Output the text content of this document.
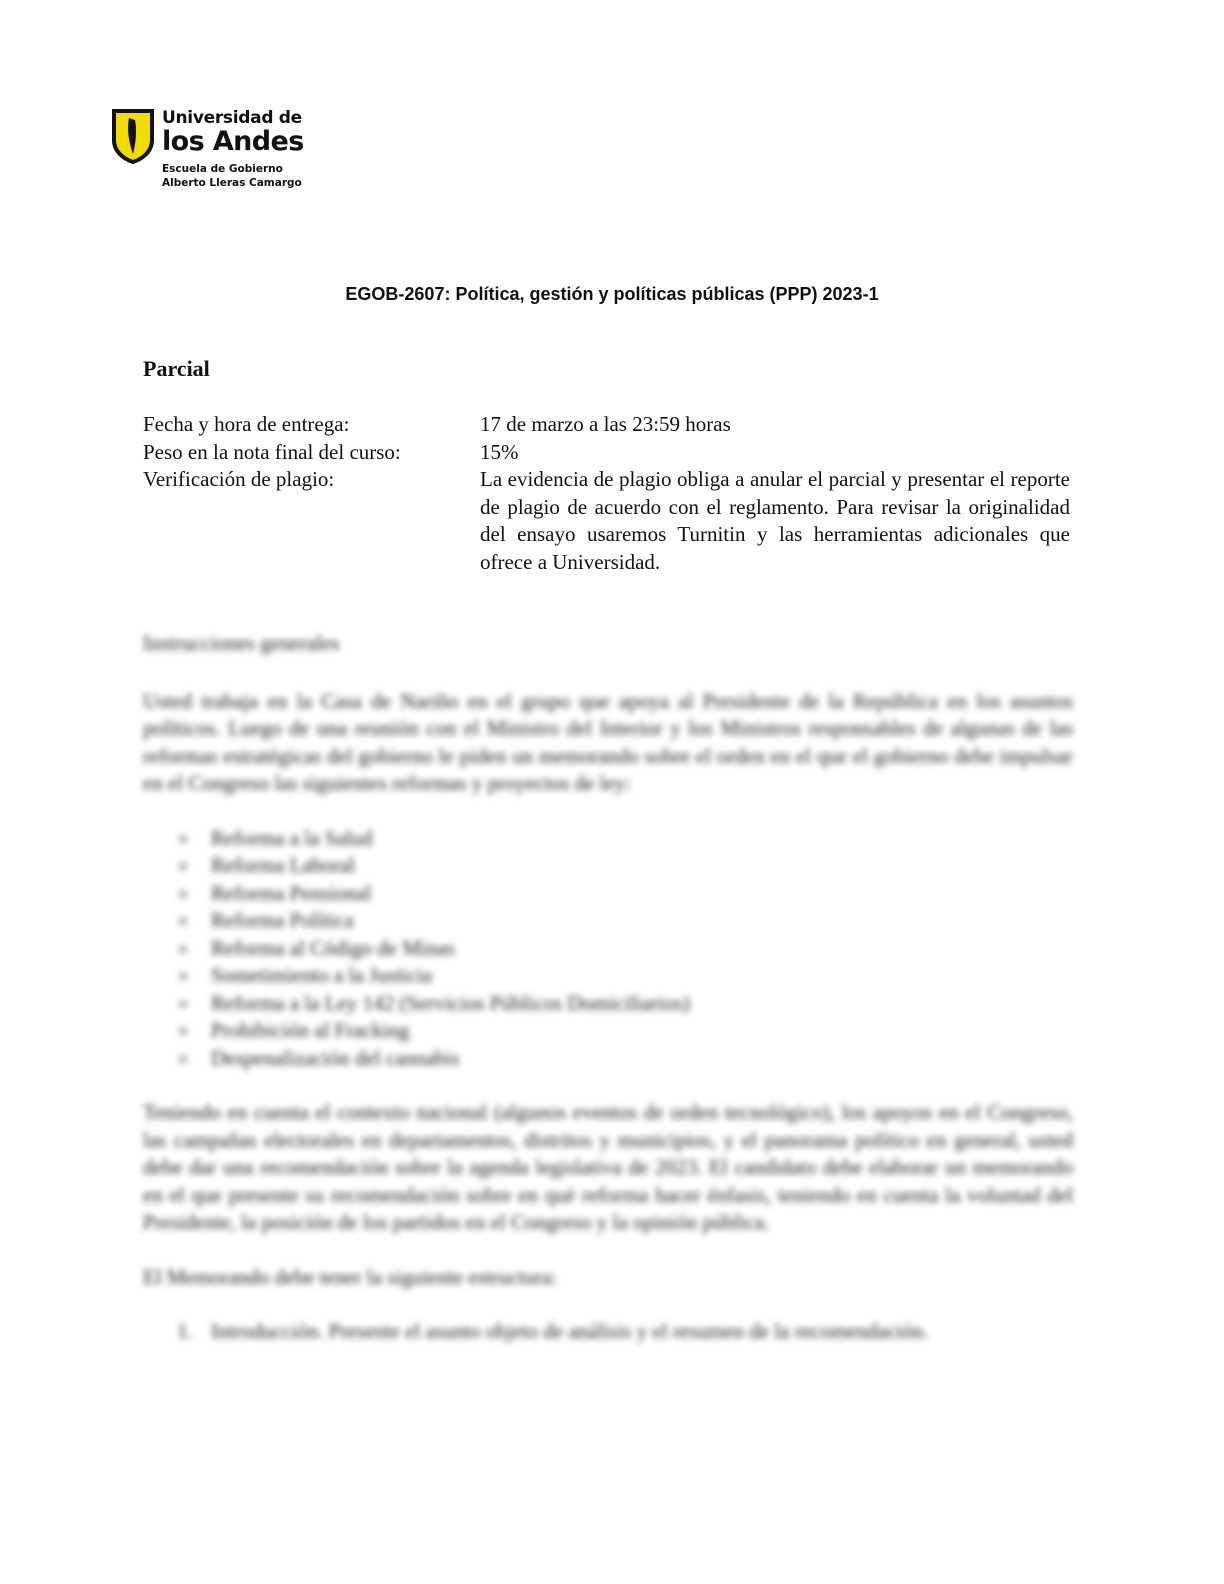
Universidad de
los Andes
Escuela de Gobierno
Alberto Lleras Camargo
EGOB-2607: Política, gestión y políticas públicas (PPP) 2023-1
Parcial
Fecha y hora de entrega:	17 de marzo a las 23:59 horas
Peso en la nota final del curso:	15%
Verificación de plagio:	La evidencia de plagio obliga a anular el parcial y presentar el reporte de plagio de acuerdo con el reglamento. Para revisar la originalidad del ensayo usaremos Turnitin y las herramientas adicionales que ofrece a Universidad.
Instrucciones generales
Usted trabaja en la Casa de Nariño en el grupo que apoya al Presidente de la República en los asuntos políticos. Luego de una reunión con el Ministro del Interior y los Ministros responsables de algunas de las reformas estratégicas del gobierno le piden un memorando sobre el orden en el que el gobierno debe impulsar en el Congreso las siguientes reformas y proyectos de ley:
o Reforma a la Salud
o Reforma Laboral
o Reforma Pensional
o Reforma Política
o Reforma al Código de Minas
o Sometimiento a la Justicia
o Reforma a la Ley 142 (Servicios Públicos Domiciliarios)
o Prohibición al Fracking
o Despenalización del cannabis
Teniendo en cuenta el contexto nacional (algunos eventos de orden tecnológico), los apoyos en el Congreso, las campañas electorales en departamentos, distritos y municipios, y el panorama político en general, usted debe dar una recomendación sobre la agenda legislativa de 2023. El candidato debe elaborar un memorando en el que presente su recomendación sobre en qué reforma hacer énfasis, teniendo en cuenta la voluntad del Presidente, la posición de los partidos en el Congreso y la opinión pública.
El Memorando debe tener la siguiente estructura:
1. Introducción. Presente el asunto objeto de análisis y el resumen de la recomendación.
